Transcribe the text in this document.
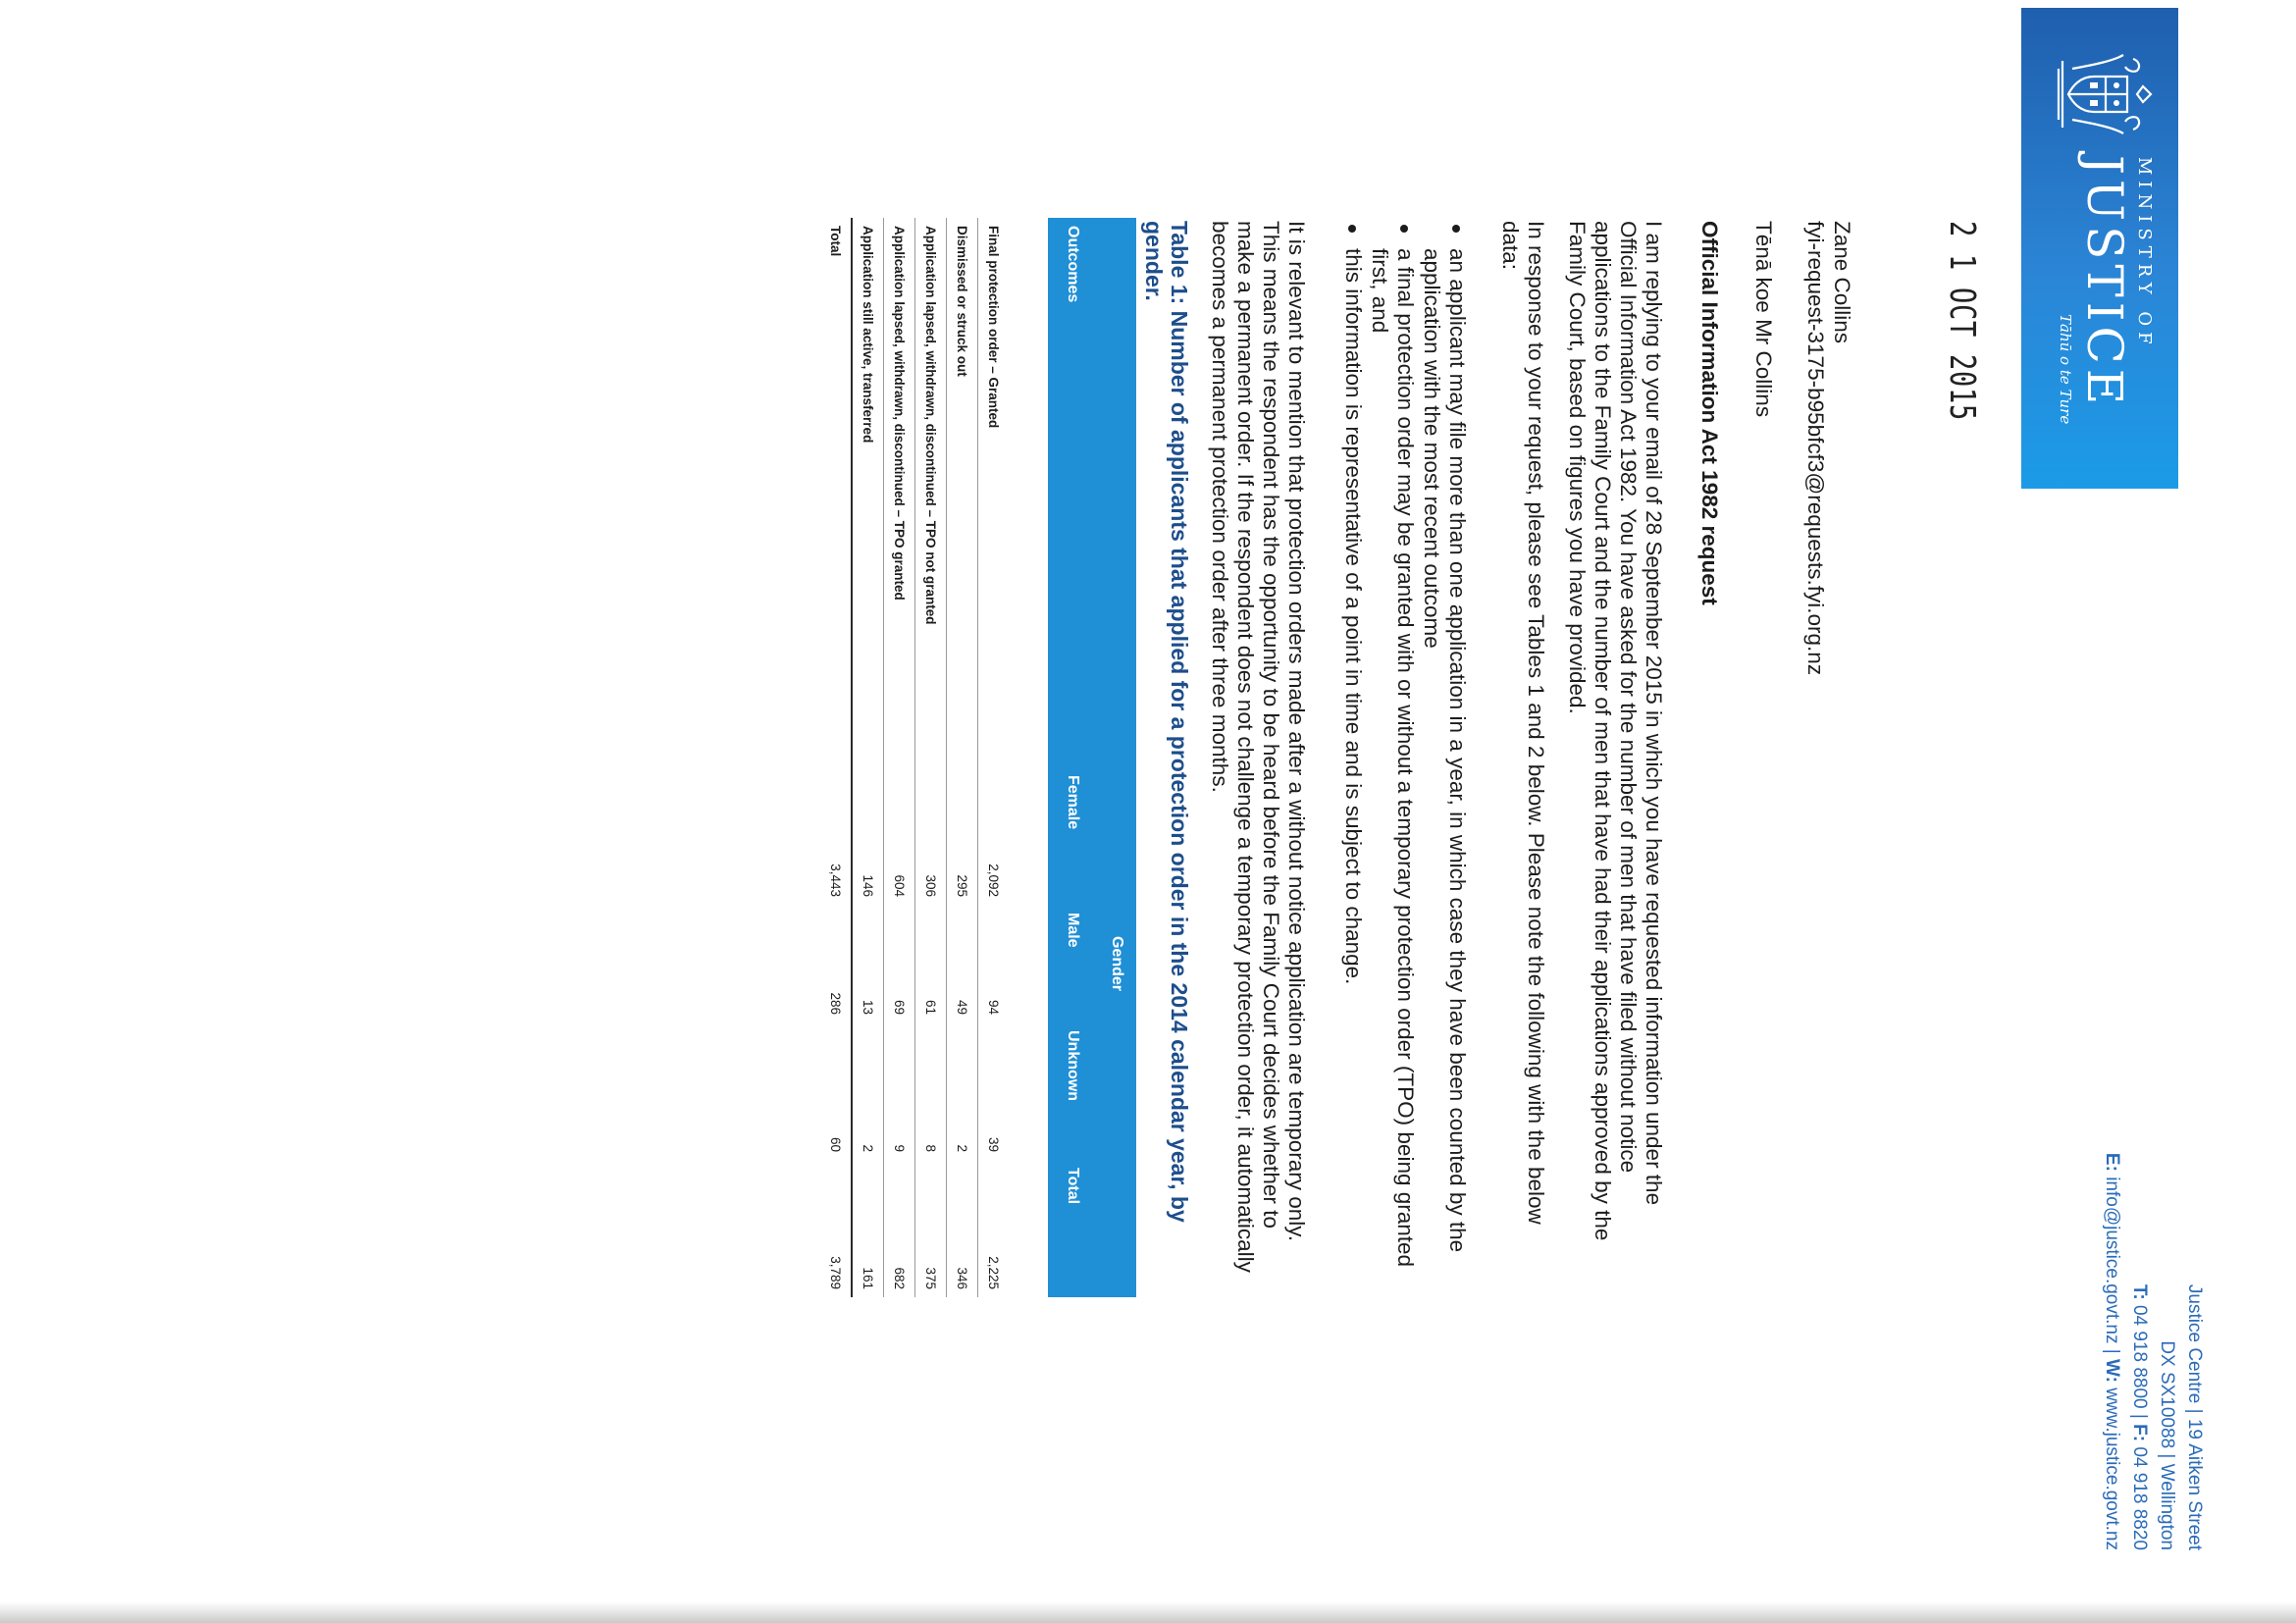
MINISTRY OF
JUSTICE
Tāhū o te Ture
Justice Centre | 19 Aitken Street
DX SX10088 | Wellington
T: 04 918 8800 | F: 04 918 8820
E: info@justice.govt.nz | W: www.justice.govt.nz
2 1 OCT 2015
Zane Collins
fyi-request-3175-b95bfcf3@requests.fyi.org.nz
Tēnā koe Mr Collins
Official Information Act 1982 request
I am replying to your email of 28 September 2015 in which you have requested information under the Official Information Act 1982. You have asked for the number of men that have filed without notice applications to the Family Court and the number of men that have had their applications approved by the Family Court, based on figures you have provided.
In response to your request, please see Tables 1 and 2 below. Please note the following with the below data:
an applicant may file more than one application in a year, in which case they have been counted by the application with the most recent outcome
a final protection order may be granted with or without a temporary protection order (TPO) being granted first, and
this information is representative of a point in time and is subject to change.
It is relevant to mention that protection orders made after a without notice application are temporary only. This means the respondent has the opportunity to be heard before the Family Court decides whether to make a permanent order. If the respondent does not challenge a temporary protection order, it automatically becomes a permanent protection order after three months.
Table 1: Number of applicants that applied for a protection order in the 2014 calendar year, by gender.
	Gender			
Outcomes	Female	Male	Unknown	Total

Final protection order – Granted	2,092	94	39	2,225
Dismissed or struck out	295	49	2	346
Application lapsed, withdrawn, discontinued – TPO not granted	306	61	8	375
Application lapsed, withdrawn, discontinued – TPO granted	604	69	9	682
Application still active, transferred	146	13	2	161
Total	3,443	286	60	3,789
